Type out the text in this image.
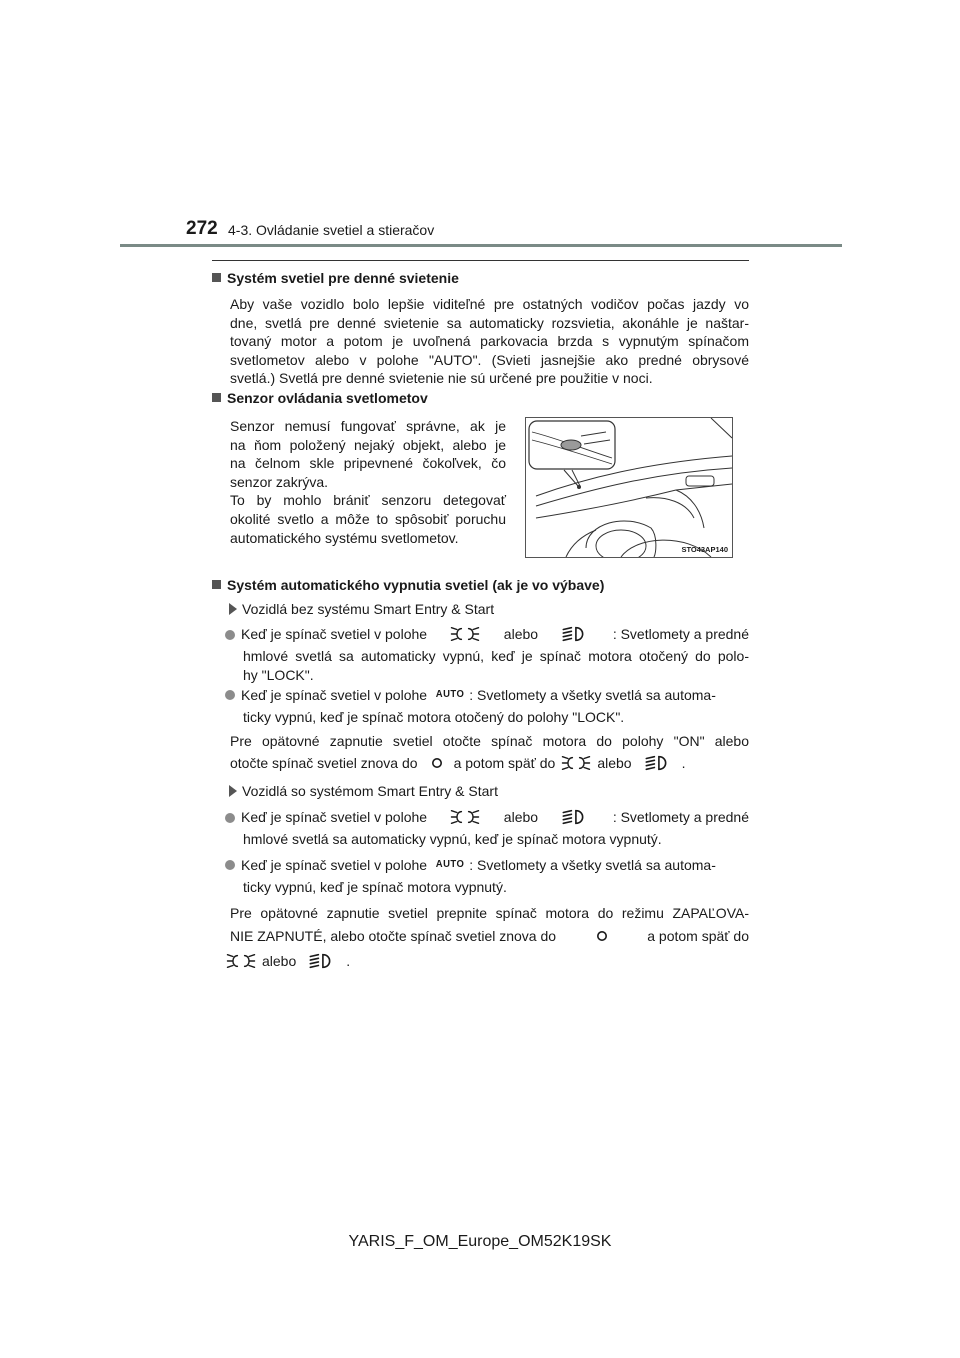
272 4-3. Ovládanie svetiel a stieračov
Systém svetiel pre denné svietenie
Aby vaše vozidlo bolo lepšie viditeľné pre ostatných vodičov počas jazdy vo
dne, svetlá pre denné svietenie sa automaticky rozsvietia, akonáhle je naštar-
tovaný motor a potom je uvoľnená parkovacia brzda s vypnutým spínačom
svetlometov alebo v polohe "AUTO". (Svieti jasnejšie ako predné obrysové
svetlá.) Svetlá pre denné svietenie nie sú určené pre použitie v noci.
Senzor ovládania svetlometov
Senzor nemusí fungovať správne, ak je
na ňom položený nejaký objekt, alebo je
na čelnom skle pripevnené čokoľvek, čo
senzor zakrýva.
To by mohlo brániť senzoru detegovať
okolité svetlo a môže to spôsobiť poruchu
automatického systému svetlometov.
STO43AP140
Systém automatického vypnutia svetiel (ak je vo výbave)
Vozidlá bez systému Smart Entry & Start
Keď je spínač svetiel v polohe	alebo	: Svetlomety a predné
hmlové svetlá sa automaticky vypnú, keď je spínač motora otočený do polo-
hy "LOCK".
Keď je spínač svetiel v polohe AUTO : Svetlomety a všetky svetlá sa automa-
ticky vypnú, keď je spínač motora otočený do polohy "LOCK".
Pre opätovné zapnutie svetiel otočte spínač motora do polohy "ON" alebo
otočte spínač svetiel znova do	a potom späť do	alebo	.
Vozidlá so systémom Smart Entry & Start
Keď je spínač svetiel v polohe	alebo	: Svetlomety a predné
hmlové svetlá sa automaticky vypnú, keď je spínač motora vypnutý.
Keď je spínač svetiel v polohe AUTO : Svetlomety a všetky svetlá sa automa-
ticky vypnú, keď je spínač motora vypnutý.
Pre opätovné zapnutie svetiel prepnite spínač motora do režimu ZAPAĽOVA-
NIE ZAPNUTÉ, alebo otočte spínač svetiel znova do	a potom späť do
alebo	.
YARIS_F_OM_Europe_OM52K19SK
